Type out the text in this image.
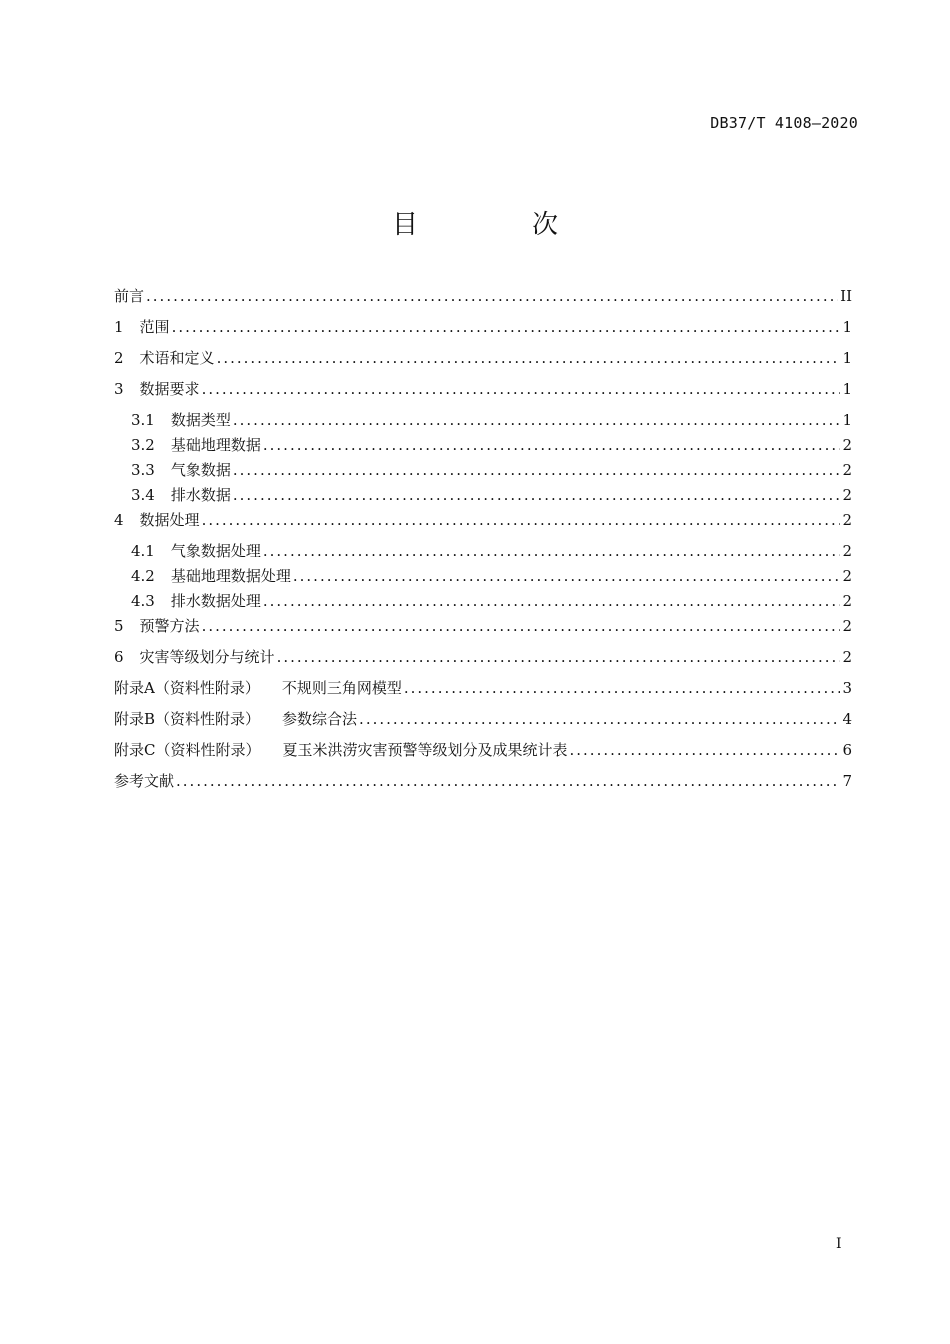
DB37/T 4108—2020
目　次
前言 .....	II
1 范围 .....	1
2 术语和定义 .....	1
3 数据要求 .....	1
3.1 数据类型 .....	1
3.2 基础地理数据 .....	2
3.3 气象数据 .....	2
3.4 排水数据 .....	2
4 数据处理 .....	2
4.1 气象数据处理 .....	2
4.2 基础地理数据处理 .....	2
4.3 排水数据处理 .....	2
5 预警方法 .....	2
6 灾害等级划分与统计 .....	2
附录A（资料性附录） 不规则三角网模型 .....	3
附录B（资料性附录） 参数综合法 .....	4
附录C（资料性附录） 夏玉米洪涝灾害预警等级划分及成果统计表 .....	6
参考文献 .....	7
I
